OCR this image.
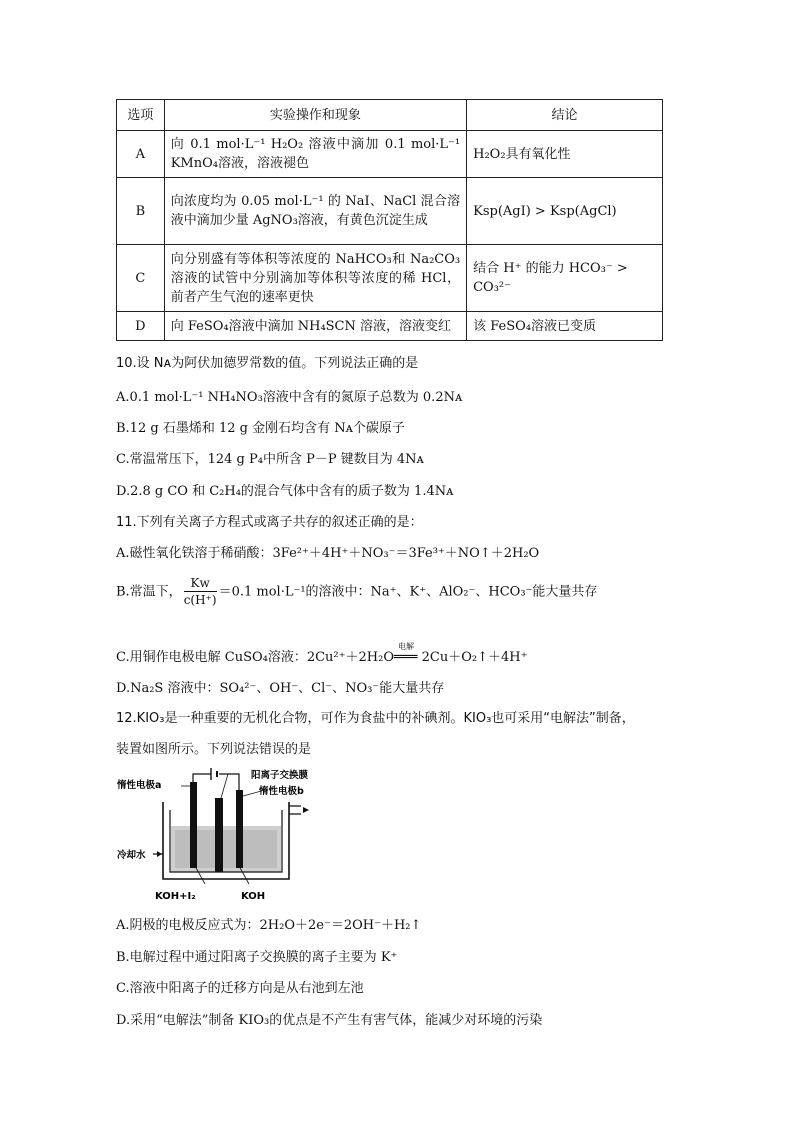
选项	实验操作和现象	结论
A	向 0.1 mol·L⁻¹ H₂O₂ 溶液中滴加 0.1 mol·L⁻¹ KMnO₄溶液，溶液褪色	H₂O₂具有氧化性
B	向浓度均为 0.05 mol·L⁻¹ 的 NaI、NaCl 混合溶液中滴加少量 AgNO₃溶液，有黄色沉淀生成	Ksp(AgI) > Ksp(AgCl)
C	向分别盛有等体积等浓度的 NaHCO₃和 Na₂CO₃溶液的试管中分别滴加等体积等浓度的稀 HCl，前者产生气泡的速率更快	结合 H⁺ 的能力 HCO₃⁻ > CO₃²⁻
D	向 FeSO₄溶液中滴加 NH₄SCN 溶液，溶液变红	该 FeSO₄溶液已变质
10.设 Nᴀ为阿伏加德罗常数的值。下列说法正确的是
A.0.1 mol·L⁻¹ NH₄NO₃溶液中含有的氮原子总数为 0.2Nᴀ
B.12 g 石墨烯和 12 g 金刚石均含有 Nᴀ个碳原子
C.常温常压下，124 g P₄中所含 P－P 键数目为 4Nᴀ
D.2.8 g CO 和 C₂H₄的混合气体中含有的质子数为 1.4Nᴀ
11.下列有关离子方程式或离子共存的叙述正确的是：
A.磁性氧化铁溶于稀硝酸：3Fe²⁺＋4H⁺＋NO₃⁻＝3Fe³⁺＋NO↑＋2H₂O
B.常温下， $\frac{Kw}{c(H^+)} =0.1$ mol·L⁻¹的溶液中：Na⁺、K⁺、AlO₂⁻、HCO₃⁻能大量共存
C.用铜作电极电解 CuSO₄溶液：2Cu²⁺＋2H₂O
电解
═══ 2Cu＋O₂↑＋4H⁺
D.Na₂S 溶液中：SO₄²⁻、OH⁻、Cl⁻、NO₃⁻能大量共存
12.KIO₃是一种重要的无机化合物，可作为食盐中的补碘剂。KIO₃也可采用“电解法”制备，
装置如图所示。下列说法错误的是
惰性电极a
阳离子交换膜
惰性电极b
冷却水
KOH+I₂	KOH
A.阴极的电极反应式为：2H₂O＋2e⁻＝2OH⁻＋H₂↑
B.电解过程中通过阳离子交换膜的离子主要为 K⁺
C.溶液中阳离子的迁移方向是从右池到左池
D.采用“电解法”制备 KIO₃的优点是不产生有害气体，能减少对环境的污染
